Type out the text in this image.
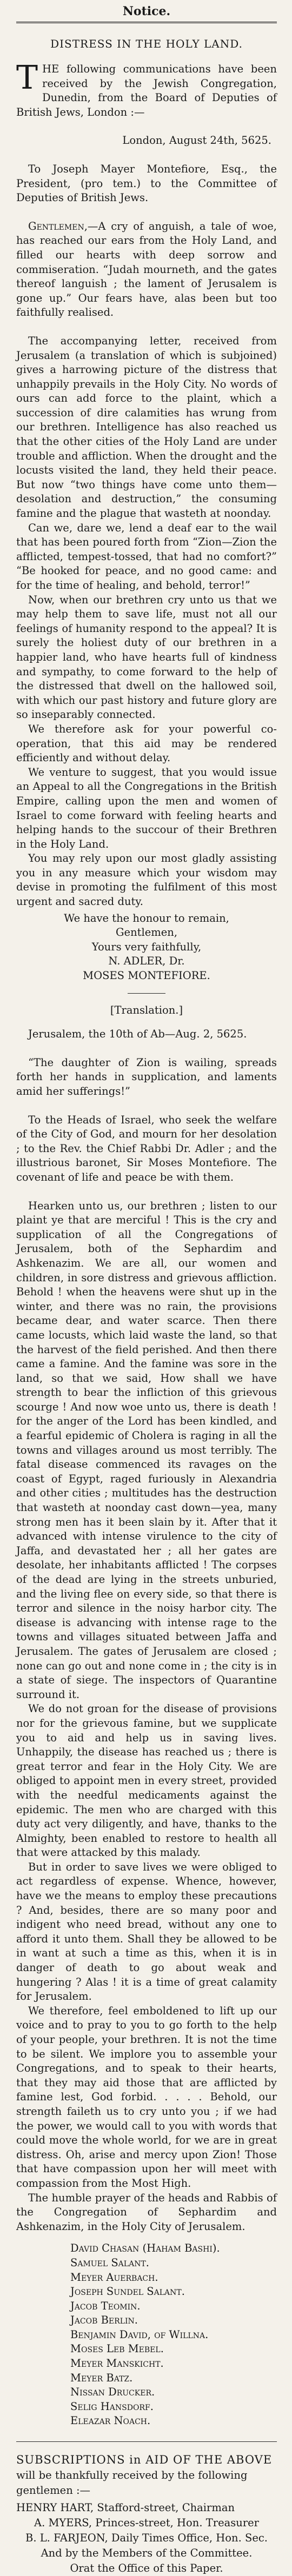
Notice.
DISTRESS IN THE HOLY LAND.

THE following communications have been received by the Jewish Congregation, Dunedin, from the Board of Deputies of British Jews, London :—

London, August 24th, 5625.

To Joseph Mayer Montefiore, Esq., the President, (pro tem.) to the Committee of Deputies of British Jews.

Gentlemen,—A cry of anguish, a tale of woe, has reached our ears from the Holy Land, and filled our hearts with deep sorrow and commiseration. “Judah mourneth, and the gates thereof languish ; the lament of Jerusalem is gone up.” Our fears have, alas been but too faithfully realised.

The accompanying letter, received from Jerusalem (a translation of which is subjoined) gives a harrowing picture of the distress that unhappily prevails in the Holy City. No words of ours can add force to the plaint, which a succession of dire calamities has wrung from our brethren. Intelligence has also reached us that the other cities of the Holy Land are under trouble and affliction. When the drought and the locusts visited the land, they held their peace. But now “two things have come unto them—desolation and destruction,” the consuming famine and the plague that wasteth at noonday.

Can we, dare we, lend a deaf ear to the wail that has been poured forth from “Zion—Zion the afflicted, tempest-tossed, that had no comfort?” “Be hooked for peace, and no good came: and for the time of healing, and behold, terror!”

Now, when our brethren cry unto us that we may help them to save life, must not all our feelings of humanity respond to the appeal? It is surely the holiest duty of our brethren in a happier land, who have hearts full of kindness and sympathy, to come forward to the help of the distressed that dwell on the hallowed soil, with which our past history and future glory are so inseparably connected.

We therefore ask for your powerful co-operation, that this aid may be rendered efficiently and without delay.

We venture to suggest, that you would issue an Appeal to all the Congregations in the British Empire, calling upon the men and women of Israel to come forward with feeling hearts and helping hands to the succour of their Brethren in the Holy Land.

You may rely upon our most gladly assisting you in any measure which your wisdom may devise in promoting the fulfilment of this most urgent and sacred duty.

We have the honour to remain,
Gentlemen,
Yours very faithfully,
N. ADLER, Dr.
MOSES MONTEFIORE.
[Translation.]

Jerusalem, the 10th of Ab—Aug. 2, 5625.

“The daughter of Zion is wailing, spreads forth her hands in supplication, and laments amid her sufferings!”

To the Heads of Israel, who seek the welfare of the City of God, and mourn for her desolation ; to the Rev. the Chief Rabbi Dr. Adler ; and the illustrious baronet, Sir Moses Montefiore. The covenant of life and peace be with them.

Hearken unto us, our brethren ; listen to our plaint ye that are merciful ! This is the cry and supplication of all the Congregations of Jerusalem, both of the Sephardim and Ashkenazim. We are all, our women and children, in sore distress and grievous affliction. Behold ! when the heavens were shut up in the winter, and there was no rain, the provisions became dear, and water scarce. Then there came locusts, which laid waste the land, so that the harvest of the field perished. And then there came a famine. And the famine was sore in the land, so that we said, How shall we have strength to bear the infliction of this grievous scourge ! And now woe unto us, there is death ! for the anger of the Lord has been kindled, and a fearful epidemic of Cholera is raging in all the towns and villages around us most terribly. The fatal disease commenced its ravages on the coast of Egypt, raged furiously in Alexandria and other cities ; multitudes has the destruction that wasteth at noonday cast down—yea, many strong men has it been slain by it. After that it advanced with intense virulence to the city of Jaffa, and devastated her ; all her gates are desolate, her inhabitants afflicted ! The corpses of the dead are lying in the streets unburied, and the living flee on every side, so that there is terror and silence in the noisy harbor city. The disease is advancing with intense rage to the towns and villages situated between Jaffa and Jerusalem. The gates of Jerusalem are closed ; none can go out and none come in ; the city is in a state of siege. The inspectors of Quarantine surround it.

We do not groan for the disease of provisions nor for the grievous famine, but we supplicate you to aid and help us in saving lives. Unhappily, the disease has reached us ; there is great terror and fear in the Holy City. We are obliged to appoint men in every street, provided with the needful medicaments against the epidemic. The men who are charged with this duty act very diligently, and have, thanks to the Almighty, been enabled to restore to health all that were attacked by this malady.

But in order to save lives we were obliged to act regardless of expense. Whence, however, have we the means to employ these precautions ? And, besides, there are so many poor and indigent who need bread, without any one to afford it unto them. Shall they be allowed to be in want at such a time as this, when it is in danger of death to go about weak and hungering ? Alas ! it is a time of great calamity for Jerusalem.

We therefore, feel emboldened to lift up our voice and to pray to you to go forth to the help of your people, your brethren. It is not the time to be silent. We implore you to assemble your Congregations, and to speak to their hearts, that they may aid those that are afflicted by famine lest, God forbid. . . . . Behold, our strength faileth us to cry unto you ; if we had the power, we would call to you with words that could move the whole world, for we are in great distress. Oh, arise and mercy upon Zion! Those that have compassion upon her will meet with compassion from the Most High.

The humble prayer of the heads and Rabbis of the Congregation of Sephardim and Ashkenazim, in the Holy City of Jerusalem.

David Chasan (Haham Bashi).
Samuel Salant.
Meyer Auerbach.
Joseph Sundel Salant.
Jacob Teomin.
Jacob Berlin.
Benjamin David, of Willna.
Moses Leb Mebel.
Meyer Manskicht.
Meyer Batz.
Nissan Drucker.
Selig Hansdorf.
Eleazar Noach.

SUBSCRIPTIONS in AID OF THE ABOVE

will be thankfully received by the following gentlemen :—

HENRY HART, Stafford-street, Chairman

A. MYERS, Princes-street, Hon. Treasurer

B. L. FARJEON, Daily Times Office, Hon. Sec.

And by the Members of the Committee.

Orat the Office of this Paper.
